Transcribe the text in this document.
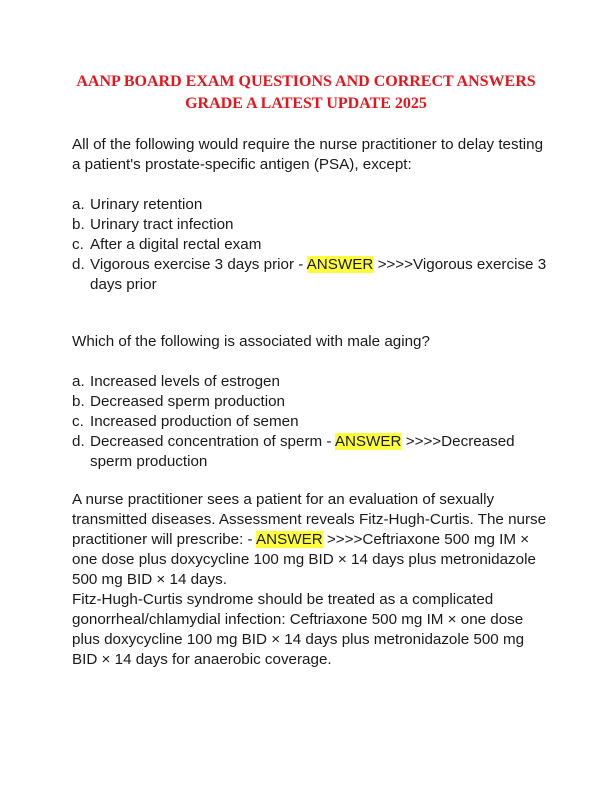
AANP BOARD EXAM QUESTIONS AND CORRECT ANSWERS
GRADE A LATEST UPDATE 2025

All of the following would require the nurse practitioner to delay testing a patient's prostate-specific antigen (PSA), except:

a. Urinary retention
b. Urinary tract infection
c. After a digital rectal exam
d. Vigorous exercise 3 days prior - ANSWER >>>>Vigorous exercise 3 days prior

Which of the following is associated with male aging?

a. Increased levels of estrogen
b. Decreased sperm production
c. Increased production of semen
d. Decreased concentration of sperm - ANSWER >>>>Decreased sperm production

A nurse practitioner sees a patient for an evaluation of sexually transmitted diseases. Assessment reveals Fitz-Hugh-Curtis. The nurse practitioner will prescribe: - ANSWER >>>>Ceftriaxone 500 mg IM × one dose plus doxycycline 100 mg BID × 14 days plus metronidazole 500 mg BID × 14 days.

Fitz-Hugh-Curtis syndrome should be treated as a complicated gonorrheal/chlamydial infection: Ceftriaxone 500 mg IM × one dose plus doxycycline 100 mg BID × 14 days plus metronidazole 500 mg BID × 14 days for anaerobic coverage.
